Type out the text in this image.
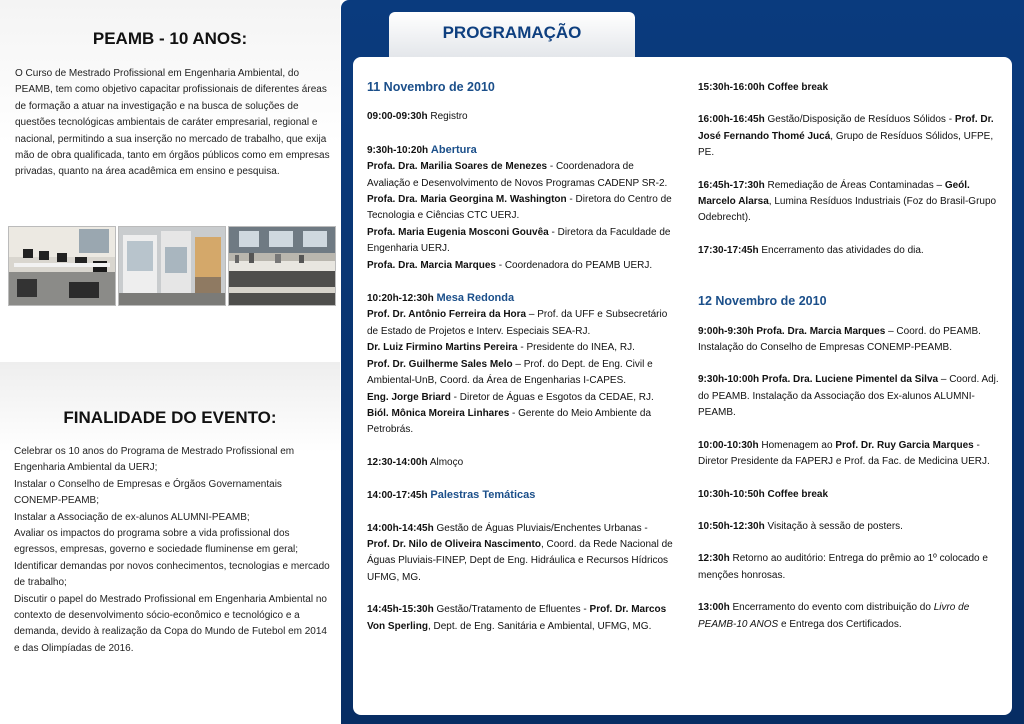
PEAMB - 10 ANOS:

O Curso de Mestrado Profissional em Engenharia Ambiental, do PEAMB, tem como objetivo capacitar profissionais de diferentes áreas de formação a atuar na investigação e na busca de soluções de questões tecnológicas ambientais de caráter empresarial, regional e nacional, permitindo a sua inserção no mercado de trabalho, que exija mão de obra qualificada, tanto em órgãos públicos como em empresas privadas, quanto na área acadêmica em ensino e pesquisa.

FINALIDADE DO EVENTO:

Celebrar os 10 anos do Programa de Mestrado Profissional em Engenharia Ambiental da UERJ;
Instalar o Conselho de Empresas e Órgãos Governamentais CONEMP-PEAMB;
Instalar a Associação de ex-alunos ALUMNI-PEAMB;
Avaliar os impactos do programa sobre a vida profissional dos egressos, empresas, governo e sociedade fluminense em geral;
Identificar demandas por novos conhecimentos, tecnologias e mercado de trabalho;
Discutir o papel do Mestrado Profissional em Engenharia Ambiental no contexto de desenvolvimento sócio-econômico e tecnológico e a demanda, devido à realização da Copa do Mundo de Futebol em 2014 e das Olimpíadas de 2016.

PROGRAMAÇÃO

11 Novembro de 2010

09:00-09:30h Registro

9:30h-10:20h Abertura

Profa. Dra. Marilia Soares de Menezes - Coordenadora de Avaliação e Desenvolvimento de Novos Programas CADENP SR-2.

Profa. Dra. Maria Georgina M. Washington - Diretora do Centro de Tecnologia e Ciências CTC UERJ.

Profa. Maria Eugenia Mosconi Gouvêa - Diretora da Faculdade de Engenharia UERJ.

Profa. Dra. Marcia Marques - Coordenadora do PEAMB UERJ.

10:20h-12:30h Mesa Redonda

Prof. Dr. Antônio Ferreira da Hora – Prof. da UFF e Subsecretário de Estado de Projetos e Interv. Especiais SEA-RJ.

Dr. Luiz Firmino Martins Pereira - Presidente do INEA, RJ.

Prof. Dr. Guilherme Sales Melo – Prof. do Dept. de Eng. Civil e Ambiental-UnB, Coord. da Área de Engenharias I-CAPES.

Eng. Jorge Briard - Diretor de Águas e Esgotos da CEDAE, RJ.

Biól. Mônica Moreira Linhares - Gerente do Meio Ambiente da Petrobrás.

12:30-14:00h Almoço

14:00-17:45h Palestras Temáticas

14:00h-14:45h Gestão de Águas Pluviais/Enchentes Urbanas - Prof. Dr. Nilo de Oliveira Nascimento, Coord. da Rede Nacional de Águas Pluviais-FINEP, Dept de Eng. Hidráulica e Recursos Hídricos UFMG, MG.

14:45h-15:30h Gestão/Tratamento de Efluentes - Prof. Dr. Marcos Von Sperling, Dept. de Eng. Sanitária e Ambiental, UFMG, MG.

15:30h-16:00h Coffee break

16:00h-16:45h Gestão/Disposição de Resíduos Sólidos - Prof. Dr. José Fernando Thomé Jucá, Grupo de Resíduos Sólidos, UFPE, PE.

16:45h-17:30h Remediação de Áreas Contaminadas – Geól. Marcelo Alarsa, Lumina Resíduos Industriais (Foz do Brasil-Grupo Odebrecht).

17:30-17:45h Encerramento das atividades do dia.

12 Novembro de 2010

9:00h-9:30h Profa. Dra. Marcia Marques – Coord. do PEAMB. Instalação do Conselho de Empresas CONEMP-PEAMB.

9:30h-10:00h Profa. Dra. Luciene Pimentel da Silva – Coord. Adj. do PEAMB. Instalação da Associação dos Ex-alunos ALUMNI-PEAMB.

10:00-10:30h Homenagem ao Prof. Dr. Ruy Garcia Marques - Diretor Presidente da FAPERJ e Prof. da Fac. de Medicina UERJ.

10:30h-10:50h Coffee break

10:50h-12:30h Visitação à sessão de posters.

12:30h Retorno ao auditório: Entrega do prêmio ao 1º colocado e menções honrosas.

13:00h Encerramento do evento com distribuição do Livro de PEAMB-10 ANOS e Entrega dos Certificados.
